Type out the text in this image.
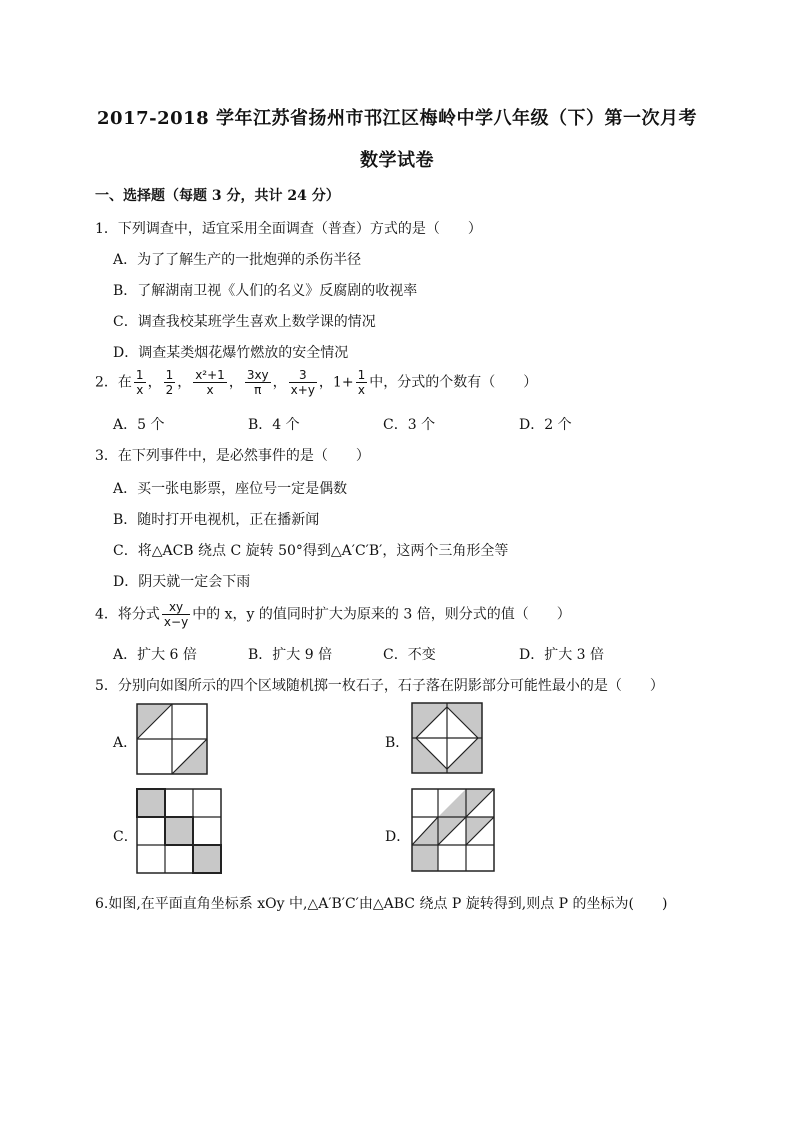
2017-2018 学年江苏省扬州市邗江区梅岭中学八年级（下）第一次月考
数学试卷
一、选择题（每题 3 分，共计 24 分）
1．下列调查中，适宜采用全面调查（普查）方式的是（　　）
A．为了了解生产的一批炮弹的杀伤半径
B．了解湖南卫视《人们的名义》反腐剧的收视率
C．调查我校某班学生喜欢上数学课的情况
D．调查某类烟花爆竹燃放的安全情况
2．在 $\frac{1}{x}$ ， $\frac{1}{2}$ ， $\frac{\text{x²+1}}{x}$ ， $\frac{3xy}{\pi}$ ， $\frac{3}{x+y}$ ，$1+ \frac{1}{x}$ 中，分式的个数有（　　）
A．5 个	B．4 个	C．3 个	D．2 个
3．在下列事件中，是必然事件的是（　　）
A．买一张电影票，座位号一定是偶数
B．随时打开电视机，正在播新闻
C．将△ACB 绕点 C 旋转 50°得到△A′C′B′，这两个三角形全等
D．阴天就一定会下雨
4．将分式 $\frac{xy}{x-y}$ 中的 x，y 的值同时扩大为原来的 3 倍，则分式的值（　　）
A．扩大 6 倍	B．扩大 9 倍	C．不变	D．扩大 3 倍
5．分别向如图所示的四个区域随机掷一枚石子，石子落在阴影部分可能性最小的是（　　）
A．	B．
C．	D．
6.如图,在平面直角坐标系 xOy 中,△A′B′C′由△ABC 绕点 P 旋转得到,则点 P 的坐标为(　　)
